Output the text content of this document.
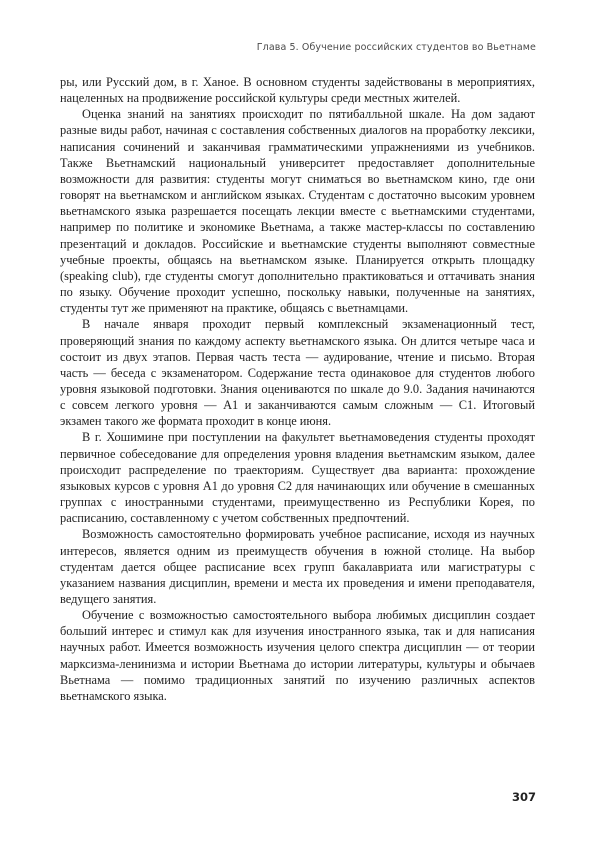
Глава 5. Обучение российских студентов во Вьетнаме

ры, или Русский дом, в г. Ханое. В основном студенты задействованы в мероприятиях, нацеленных на продвижение российской культуры среди местных жителей.

Оценка знаний на занятиях происходит по пятибалльной шкале. На дом задают разные виды работ, начиная с составления собственных диалогов на проработку лексики, написания сочинений и заканчивая грамматическими упражнениями из учебников. Также Вьетнамский национальный университет предоставляет дополнительные возможности для развития: студенты могут сниматься во вьетнамском кино, где они говорят на вьетнамском и английском языках. Студентам с достаточно высоким уровнем вьетнамского языка разрешается посещать лекции вместе с вьетнамскими студентами, например по политике и экономике Вьетнама, а также мастер-классы по составлению презентаций и докладов. Российские и вьетнамские студенты выполняют совместные учебные проекты, общаясь на вьетнамском языке. Планируется открыть площадку (speaking club), где студенты смогут дополнительно практиковаться и оттачивать знания по языку. Обучение проходит успешно, поскольку навыки, полученные на занятиях, студенты тут же применяют на практике, общаясь с вьетнамцами.

В начале января проходит первый комплексный экзаменационный тест, проверяющий знания по каждому аспекту вьетнамского языка. Он длится четыре часа и состоит из двух этапов. Первая часть теста — аудирование, чтение и письмо. Вторая часть — беседа с экзаменатором. Содержание теста одинаковое для студентов любого уровня языковой подготовки. Знания оцениваются по шкале до 9.0. Задания начинаются с совсем легкого уровня — А1 и заканчиваются самым сложным — С1. Итоговый экзамен такого же формата проходит в конце июня.

В г. Хошимине при поступлении на факультет вьетнамоведения студенты проходят первичное собеседование для определения уровня владения вьетнамским языком, далее происходит распределение по траекториям. Существует два варианта: прохождение языковых курсов с уровня А1 до уровня С2 для начинающих или обучение в смешанных группах с иностранными студентами, преимущественно из Республики Корея, по расписанию, составленному с учетом собственных предпочтений.

Возможность самостоятельно формировать учебное расписание, исходя из научных интересов, является одним из преимуществ обучения в южной столице. На выбор студентам дается общее расписание всех групп бакалавриата или магистратуры с указанием названия дисциплин, времени и места их проведения и имени преподавателя, ведущего занятия.

Обучение с возможностью самостоятельного выбора любимых дисциплин создает больший интерес и стимул как для изучения иностранного языка, так и для написания научных работ. Имеется возможность изучения целого спектра дисциплин — от теории марксизма-ленинизма и истории Вьетнама до истории литературы, культуры и обычаев Вьетнама — помимо традиционных занятий по изучению различных аспектов вьетнамского языка.

307
